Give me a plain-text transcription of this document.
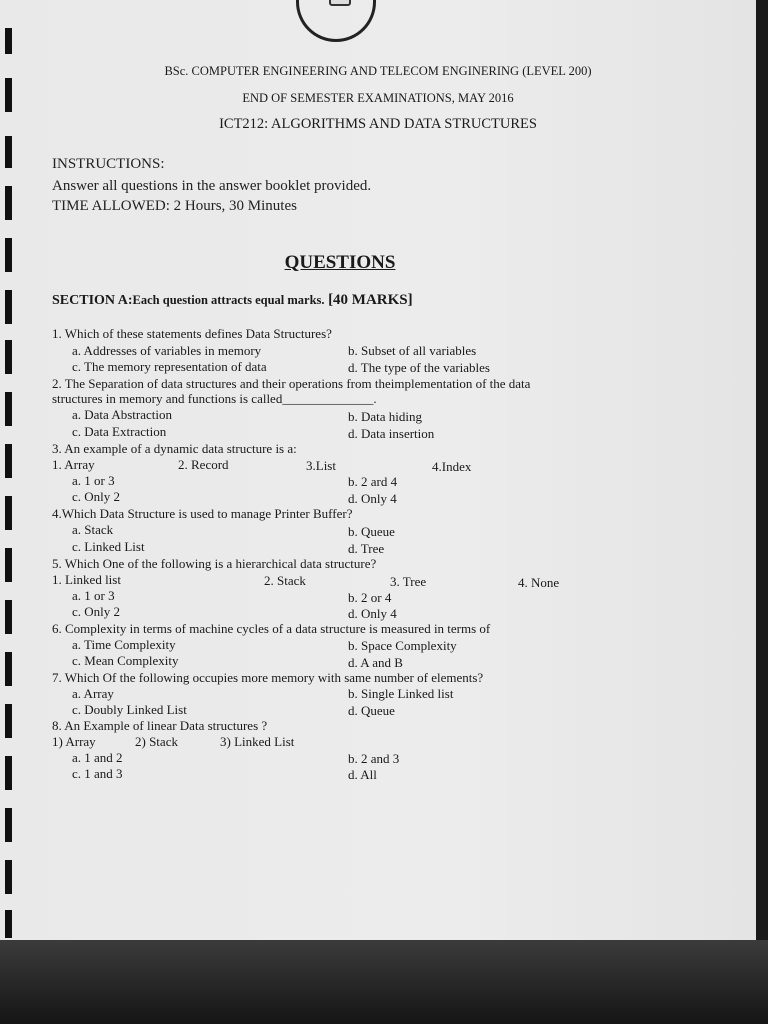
BSc. COMPUTER ENGINEERING AND TELECOM ENGINERING (LEVEL 200)
END OF SEMESTER EXAMINATIONS, MAY 2016
ICT212: ALGORITHMS AND DATA STRUCTURES
INSTRUCTIONS:
Answer all questions in the answer booklet provided.
TIME ALLOWED: 2 Hours, 30 Minutes
QUESTIONS
SECTION A:Each question attracts equal marks. [40 MARKS]
1. Which of these statements defines Data Structures?
a. Addresses of variables in memory	b. Subset of all variables
c. The memory representation of data	d. The type of the variables
2. The Separation of data structures and their operations from theimplementation of the data
structures in memory and functions is called______________.
a. Data Abstraction	b. Data hiding
c. Data Extraction	d. Data insertion
3. An example of a dynamic data structure is a:
1. Array	2. Record	3.List	4.Index
a. 1 or 3	b. 2 ard 4
c. Only 2	d. Only 4
4.Which Data Structure is used to manage Printer Buffer?
a. Stack	b. Queue
c. Linked List	d. Tree
5. Which One of the following is a hierarchical data structure?
1. Linked list	2. Stack	3. Tree	4. None
a. 1 or 3	b. 2 or 4
c. Only 2	d. Only 4
6. Complexity in terms of machine cycles of a data structure is measured in terms of
a. Time Complexity	b. Space Complexity
c. Mean Complexity	d. A and B
7. Which Of the following occupies more memory with same number of elements?
a. Array	b. Single Linked list
c. Doubly Linked List	d. Queue
8. An Example of linear Data structures ?
1) Array	2) Stack	3) Linked List
a. 1 and 2	b. 2 and 3
c. 1 and 3	d. All
